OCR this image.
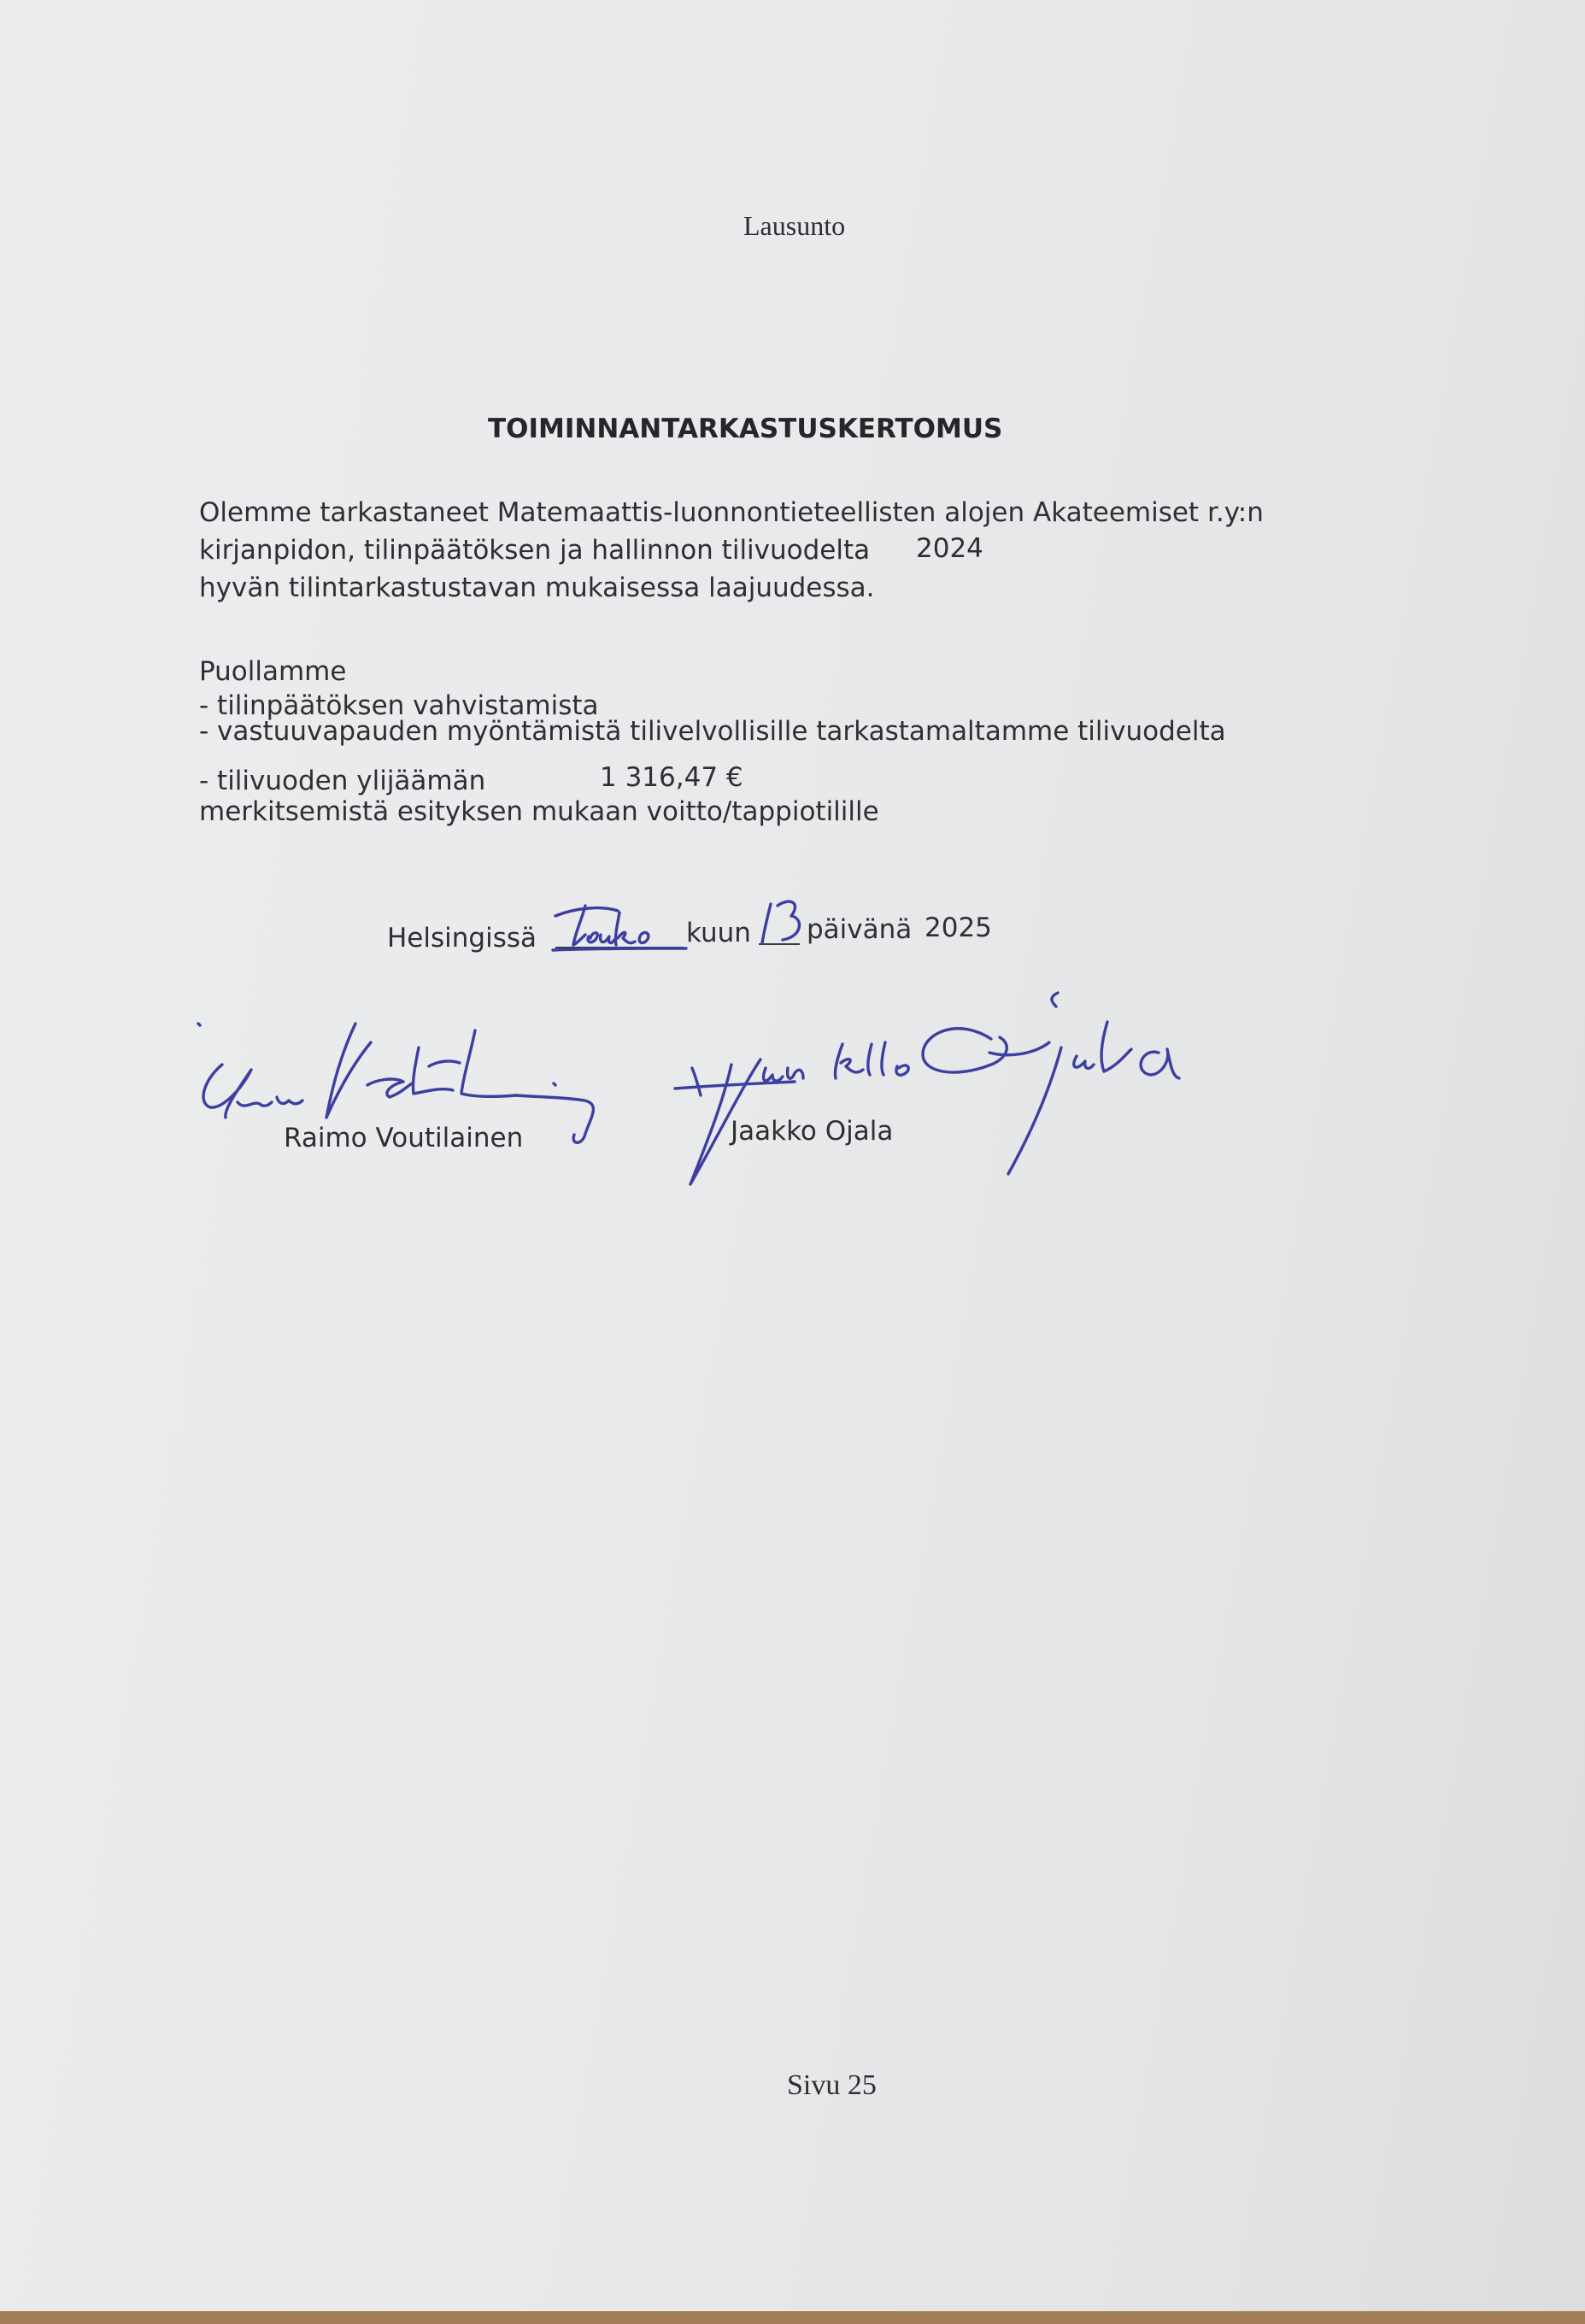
Lausunto

TOIMINNANTARKASTUSKERTOMUS

Olemme tarkastaneet Matemaattis-luonnontieteellisten alojen Akateemiset r.y:n

kirjanpidon, tilinpäätöksen ja hallinnon tilivuodelta 2024

hyvän tilintarkastustavan mukaisessa laajuudessa.

Puollamme

- tilinpäätöksen vahvistamista

- vastuuvapauden myöntämistä tilivelvollisille tarkastamaltamme tilivuodelta

- tilivuoden ylijäämän	1 316,47 €

merkitsemistä esityksen mukaan voitto/tappiotilille

Helsingissä	kuun päivänä 2025

Raimo Voutilainen	Jaakko Ojala

Sivu 25
